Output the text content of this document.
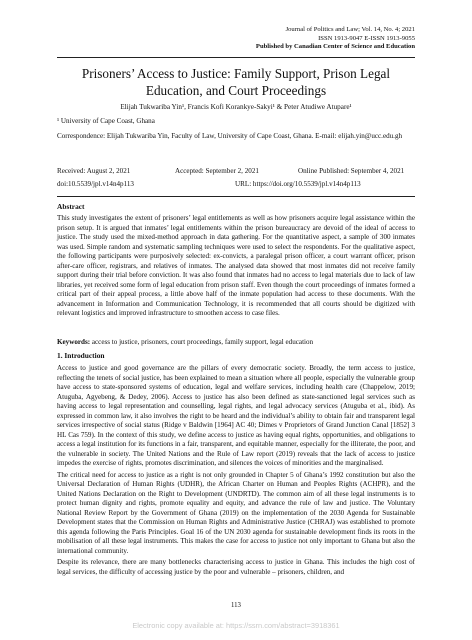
Journal of Politics and Law; Vol. 14, No. 4; 2021
ISSN 1913-9047 E-ISSN 1913-9055
Published by Canadian Center of Science and Education
Prisoners’ Access to Justice: Family Support, Prison Legal Education, and Court Proceedings
Elijah Tukwariba Yin¹, Francis Kofi Korankye-Sakyi¹ & Peter Atudiwe Atupare¹
¹ University of Cape Coast, Ghana
Correspondence: Elijah Tukwariba Yin, Faculty of Law, University of Cape Coast, Ghana. E-mail: elijah.yin@ucc.edu.gh
Received: August 2, 2021	Accepted: September 2, 2021	Online Published: September 4, 2021
doi:10.5539/jpl.v14n4p113	URL: https://doi.org/10.5539/jpl.v14n4p113
Abstract

This study investigates the extent of prisoners’ legal entitlements as well as how prisoners acquire legal assistance within the prison setup. It is argued that inmates’ legal entitlements within the prison bureaucracy are devoid of the ideal of access to justice. The study used the mixed-method approach in data gathering. For the quantitative aspect, a sample of 300 inmates was used. Simple random and systematic sampling techniques were used to select the respondents. For the qualitative aspect, the following participants were purposively selected: ex-convicts, a paralegal prison officer, a court warrant officer, prison after-care officer, registrars, and relatives of inmates. The analysed data showed that most inmates did not receive family support during their trial before conviction. It was also found that inmates had no access to legal materials due to lack of law libraries, yet received some form of legal education from prison staff. Even though the court proceedings of inmates formed a critical part of their appeal process, a little above half of the inmate population had access to these documents. With the advancement in Information and Communication Technology, it is recommended that all courts should be digitized with relevant logistics and improved infrastructure to smoothen access to case files.

Keywords: access to justice, prisoners, court proceedings, family support, legal education

1. Introduction

Access to justice and good governance are the pillars of every democratic society. Broadly, the term access to justice, reflecting the tenets of social justice, has been explained to mean a situation where all people, especially the vulnerable group have access to state-sponsored systems of education, legal and welfare services, including health care (Chappelow, 2019; Atuguba, Agyebeng, & Dedey, 2006). Access to justice has also been defined as state-sanctioned legal services such as having access to legal representation and counselling, legal rights, and legal advocacy services (Atuguba et al., ibid). As expressed in common law, it also involves the right to be heard and the individual’s ability to obtain fair and transparent legal services irrespective of social status (Ridge v Baldwin [1964] AC 40; Dimes v Proprietors of Grand Junction Canal [1852] 3 HL Cas 759). In the context of this study, we define access to justice as having equal rights, opportunities, and obligations to access a legal institution for its functions in a fair, transparent, and equitable manner, especially for the illiterate, the poor, and the vulnerable in society. The United Nations and the Rule of Law report (2019) reveals that the lack of access to justice impedes the exercise of rights, promotes discrimination, and silences the voices of minorities and the marginalised.

The critical need for access to justice as a right is not only grounded in Chapter 5 of Ghana’s 1992 constitution but also the Universal Declaration of Human Rights (UDHR), the African Charter on Human and Peoples Rights (ACHPR), and the United Nations Declaration on the Right to Development (UNDRTD). The common aim of all these legal instruments is to protect human dignity and rights, promote equality and equity, and advance the rule of law and justice. The Voluntary National Review Report by the Government of Ghana (2019) on the implementation of the 2030 Agenda for Sustainable Development states that the Commission on Human Rights and Administrative Justice (CHRAJ) was established to promote this agenda following the Paris Principles. Goal 16 of the UN 2030 agenda for sustainable development finds its roots in the mobilisation of all these legal instruments. This makes the case for access to justice not only important to Ghana but also the international community.

Despite its relevance, there are many bottlenecks characterising access to justice in Ghana. This includes the high cost of legal services, the difficulty of accessing justice by the poor and vulnerable – prisoners, children, and

113
Electronic copy available at: https://ssrn.com/abstract=3918361
